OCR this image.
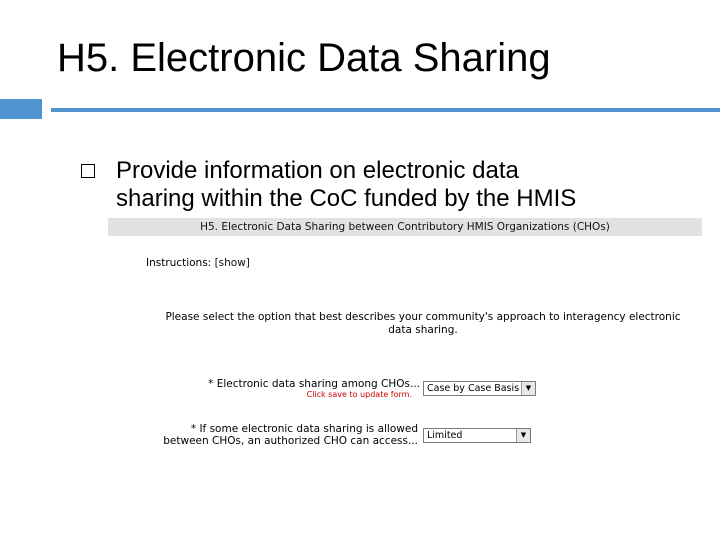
H5. Electronic Data Sharing
Provide information on electronic data
sharing within the CoC funded by the HMIS
H5. Electronic Data Sharing between Contributory HMIS Organizations (CHOs)
Instructions: [show]
Please select the option that best describes your community's approach to interagency electronic data sharing.
* Electronic data sharing among CHOs...
Click save to update form.
Case by Case Basis ▼
* If some electronic data sharing is allowed
between CHOs, an authorized CHO can access... Limited	▼
